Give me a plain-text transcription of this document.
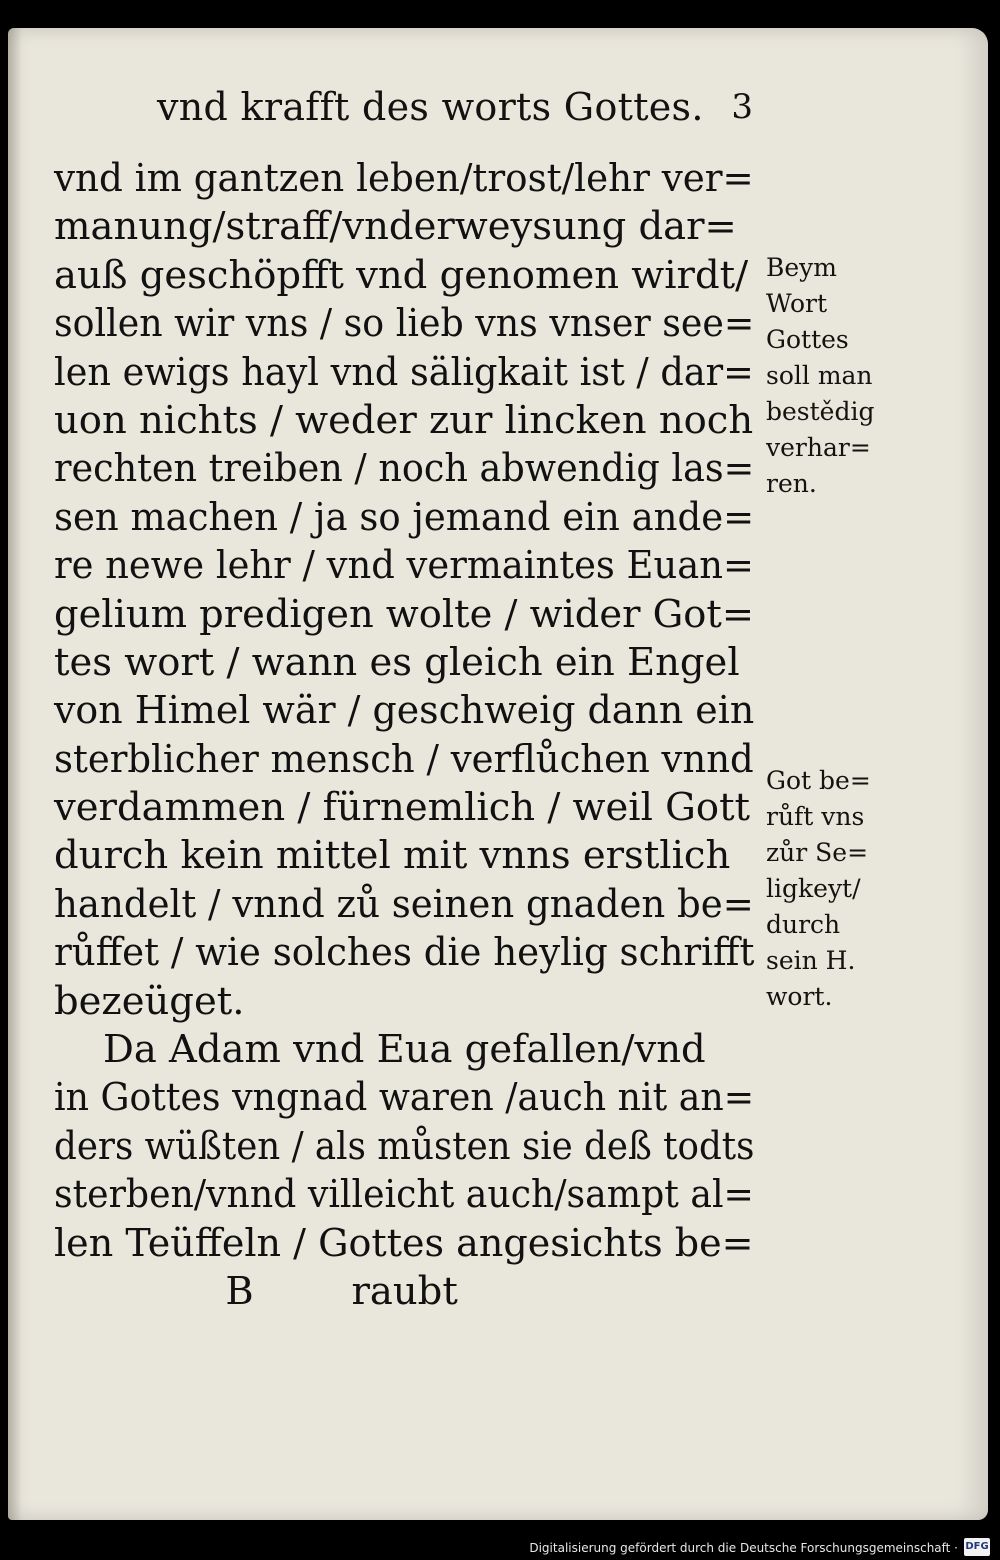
vnd krafft des worts Gottes. 3
vnd im gantzen leben/trost/lehr ver=
manung/straff/vnderweysung dar=
auß geschöpfft vnd genomen wirdt/
sollen wir vns / so lieb vns vnser see=
len ewigs hayl vnd säligkait ist / dar=
uon nichts / weder zur lincken noch
rechten treiben / noch abwendig las=
sen machen / ja so jemand ein ande=
re newe lehr / vnd vermaintes Euan=
gelium predigen wolte / wider Got=
tes wort / wann es gleich ein Engel
von Himel wär / geschweig dann ein
sterblicher mensch / verflůchen vnnd
verdammen / fürnemlich / weil Gott
durch kein mittel mit vnns erstlich
handelt / vnnd zů seinen gnaden be=
růffet / wie solches die heylig schrifft
bezeüget.
Da Adam vnd Eua gefallen/vnd
in Gottes vngnad waren /auch nit an=
ders wüßten / als můsten sie deß todts
sterben/vnnd villeicht auch/sampt al=
len Teüffeln / Gottes angesichts be=
B        raubt
Beym
Wort
Gottes
soll man
bestědig
verhar=
ren.
Got be=
růft vns
zůr Se=
ligkeyt/
durch
sein H.
wort.
Digitalisierung gefördert durch die Deutsche Forschungsgemeinschaft · DFG
